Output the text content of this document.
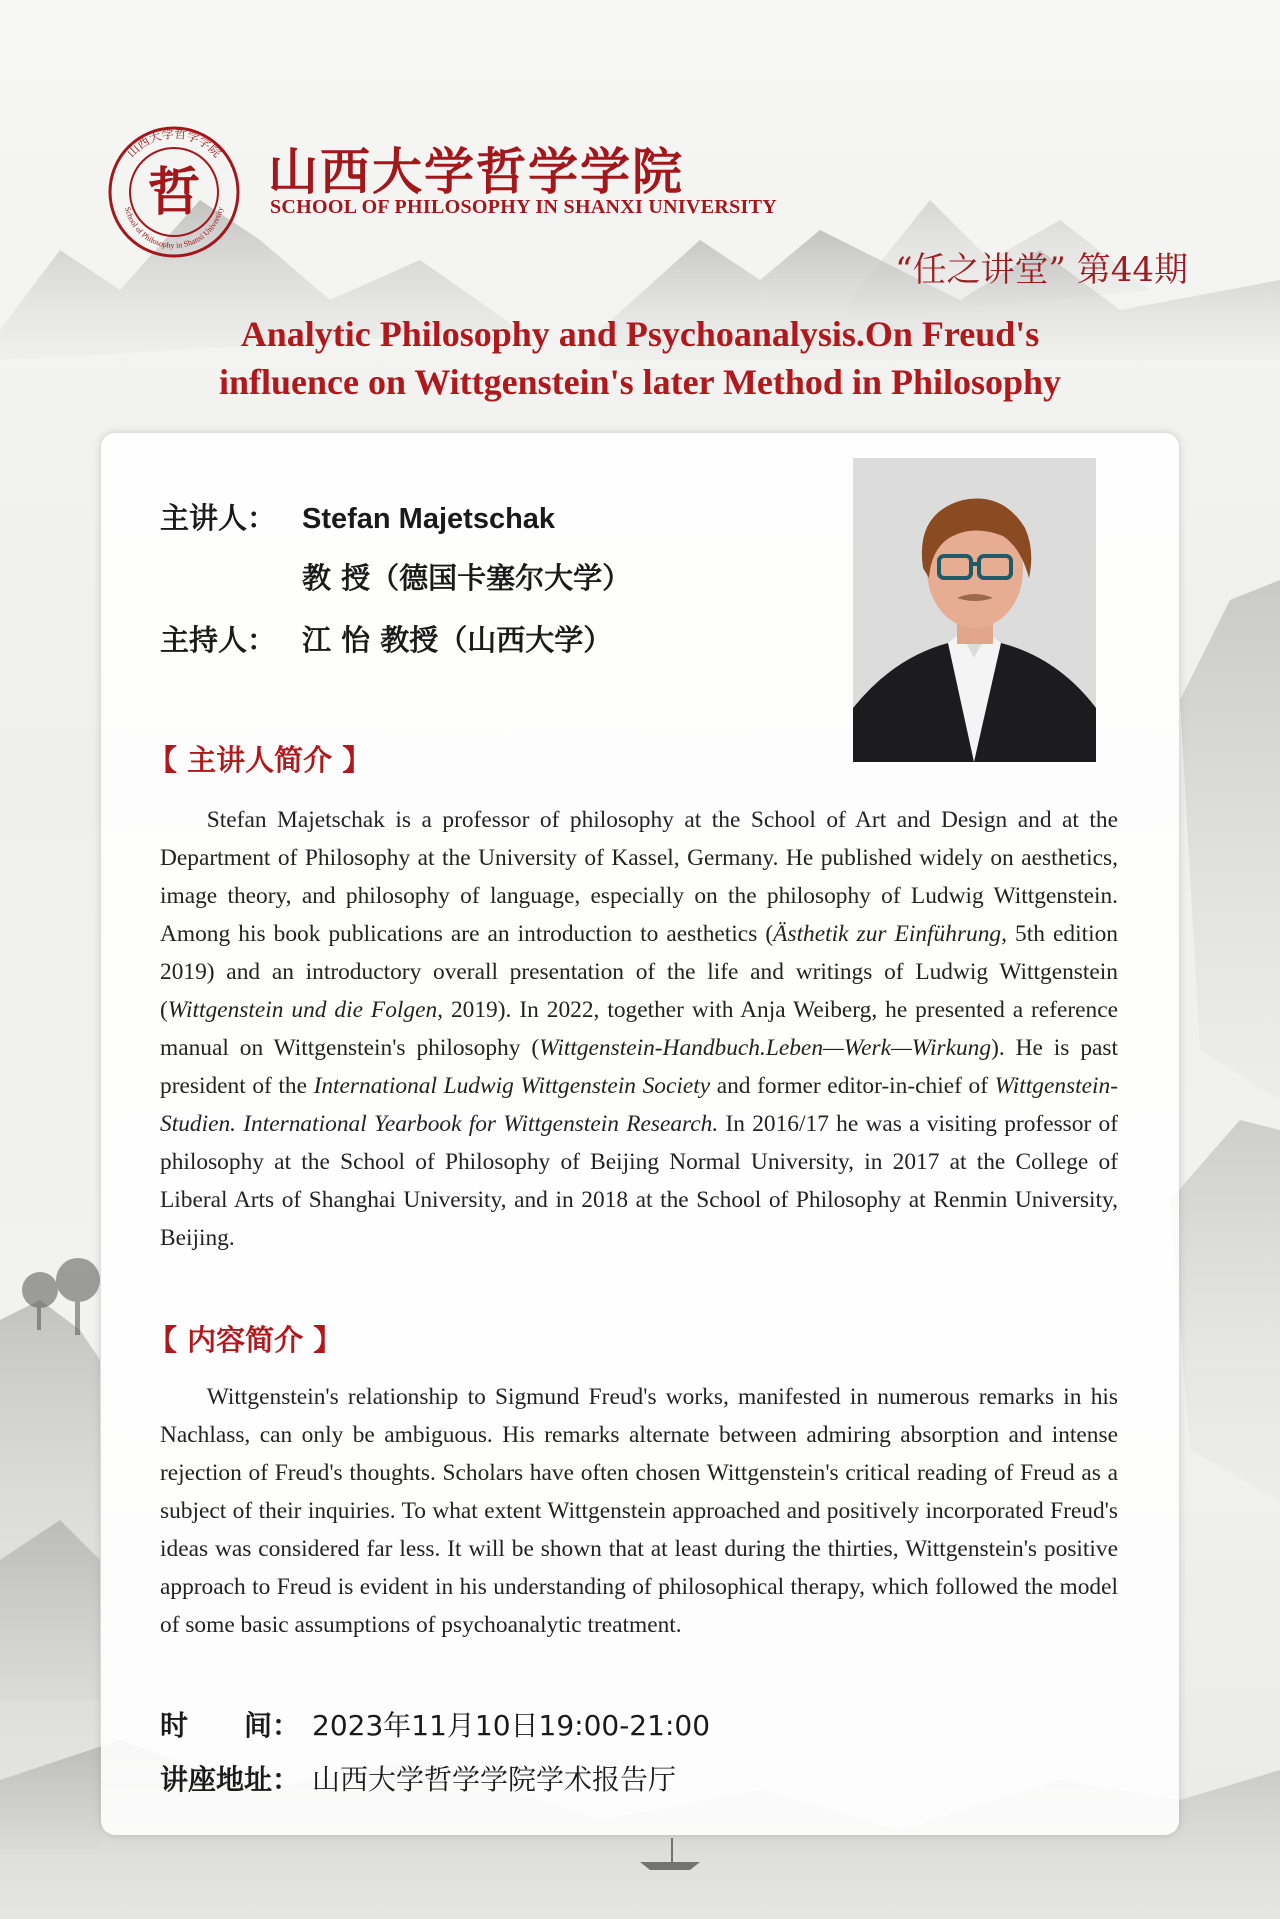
山西大学哲学学院
School of Philosophy in Shanxi University
哲 山西大学哲学学院
SCHOOL OF PHILOSOPHY IN SHANXI UNIVERSITY
“任之讲堂” 第44期
Analytic Philosophy and Psychoanalysis.On Freud's
influence on Wittgenstein's later Method in Philosophy
主讲人： Stefan Majetschak
教 授（德国卡塞尔大学）
主持人： 江 怡 教授（山西大学）
【 主讲人简介 】

Stefan Majetschak is a professor of philosophy at the School of Art and Design and at the Department of Philosophy at the University of Kassel, Germany. He published widely on aesthetics, image theory, and philosophy of language, especially on the philosophy of Ludwig Wittgenstein. Among his book publications are an introduction to aesthetics (Ästhetik zur Einführung, 5th edition 2019) and an introductory overall presentation of the life and writings of Ludwig Wittgenstein (Wittgenstein und die Folgen, 2019). In 2022, together with Anja Weiberg, he presented a reference manual on Wittgenstein's philosophy (Wittgenstein-Handbuch.Leben—Werk—Wirkung). He is past president of the International Ludwig Wittgenstein Society and former editor-in-chief of Wittgenstein-Studien. International Yearbook for Wittgenstein Research. In 2016/17 he was a visiting professor of philosophy at the School of Philosophy of Beijing Normal University, in 2017 at the College of Liberal Arts of Shanghai University, and in 2018 at the School of Philosophy at Renmin University, Beijing.

【 内容简介 】

Wittgenstein's relationship to Sigmund Freud's works, manifested in numerous remarks in his Nachlass, can only be ambiguous. His remarks alternate between admiring absorption and intense rejection of Freud's thoughts. Scholars have often chosen Wittgenstein's critical reading of Freud as a subject of their inquiries. To what extent Wittgenstein approached and positively incorporated Freud's ideas was considered far less. It will be shown that at least during the thirties, Wittgenstein's positive approach to Freud is evident in his understanding of philosophical therapy, which followed the model of some basic assumptions of psychoanalytic treatment.

时 间： 2023年11月10日19:00-21:00
讲座地址： 山西大学哲学学院学术报告厅
